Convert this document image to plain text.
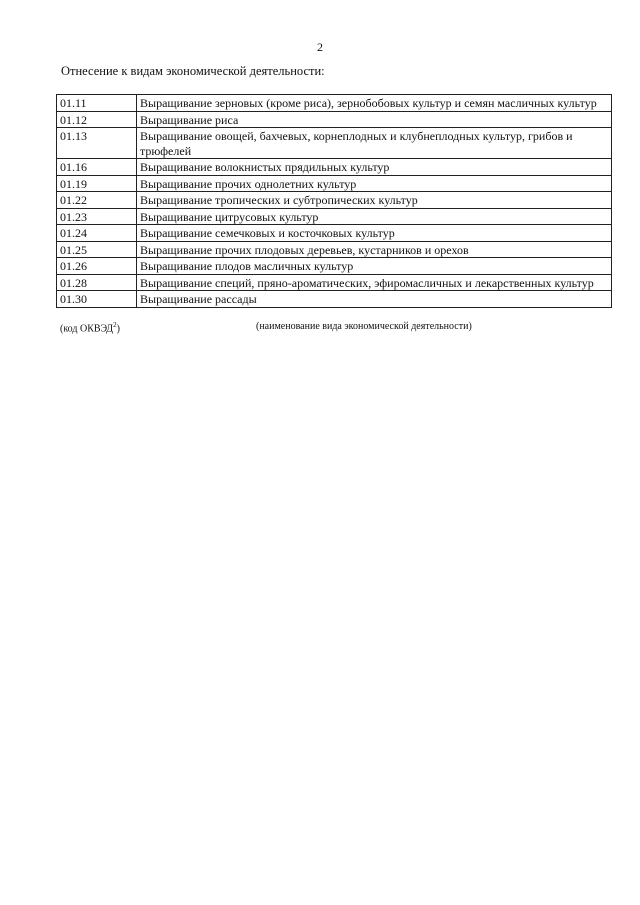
2
Отнесение к видам экономической деятельности:
01.11	Выращивание зерновых (кроме риса), зернобобовых культур и семян масличных культур
01.12	Выращивание риса
01.13	Выращивание овощей, бахчевых, корнеплодных и клубнеплодных культур, грибов и трюфелей
01.16	Выращивание волокнистых прядильных культур
01.19	Выращивание прочих однолетних культур
01.22	Выращивание тропических и субтропических культур
01.23	Выращивание цитрусовых культур
01.24	Выращивание семечковых и косточковых культур
01.25	Выращивание прочих плодовых деревьев, кустарников и орехов
01.26	Выращивание плодов масличных культур
01.28	Выращивание специй, пряно-ароматических, эфиромасличных и лекарственных культур
01.30	Выращивание рассады
(код ОКВЭД$^2$)	(наименование вида экономической деятельности)
